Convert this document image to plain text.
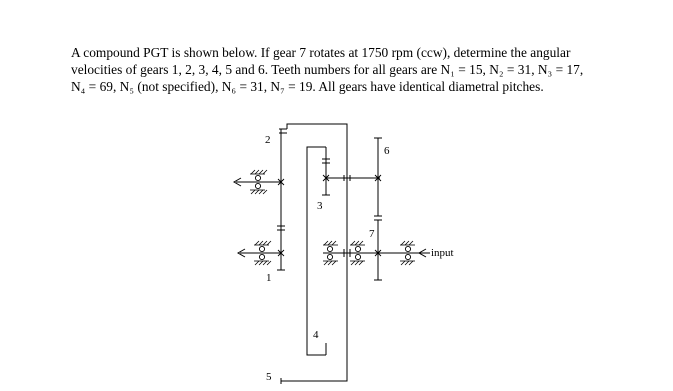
A compound PGT is shown below. If gear 7 rotates at 1750 rpm (ccw), determine the angular

velocities of gears 1, 2, 3, 4, 5 and 6. Teeth numbers for all gears are N₁ = 15, N₂ = 31, N₃ = 17,

N₄ = 69, N₅ (not specified), N₆ = 31, N₇ = 19. All gears have identical diametral pitches.

2
1
3
4
5
6
7
input
